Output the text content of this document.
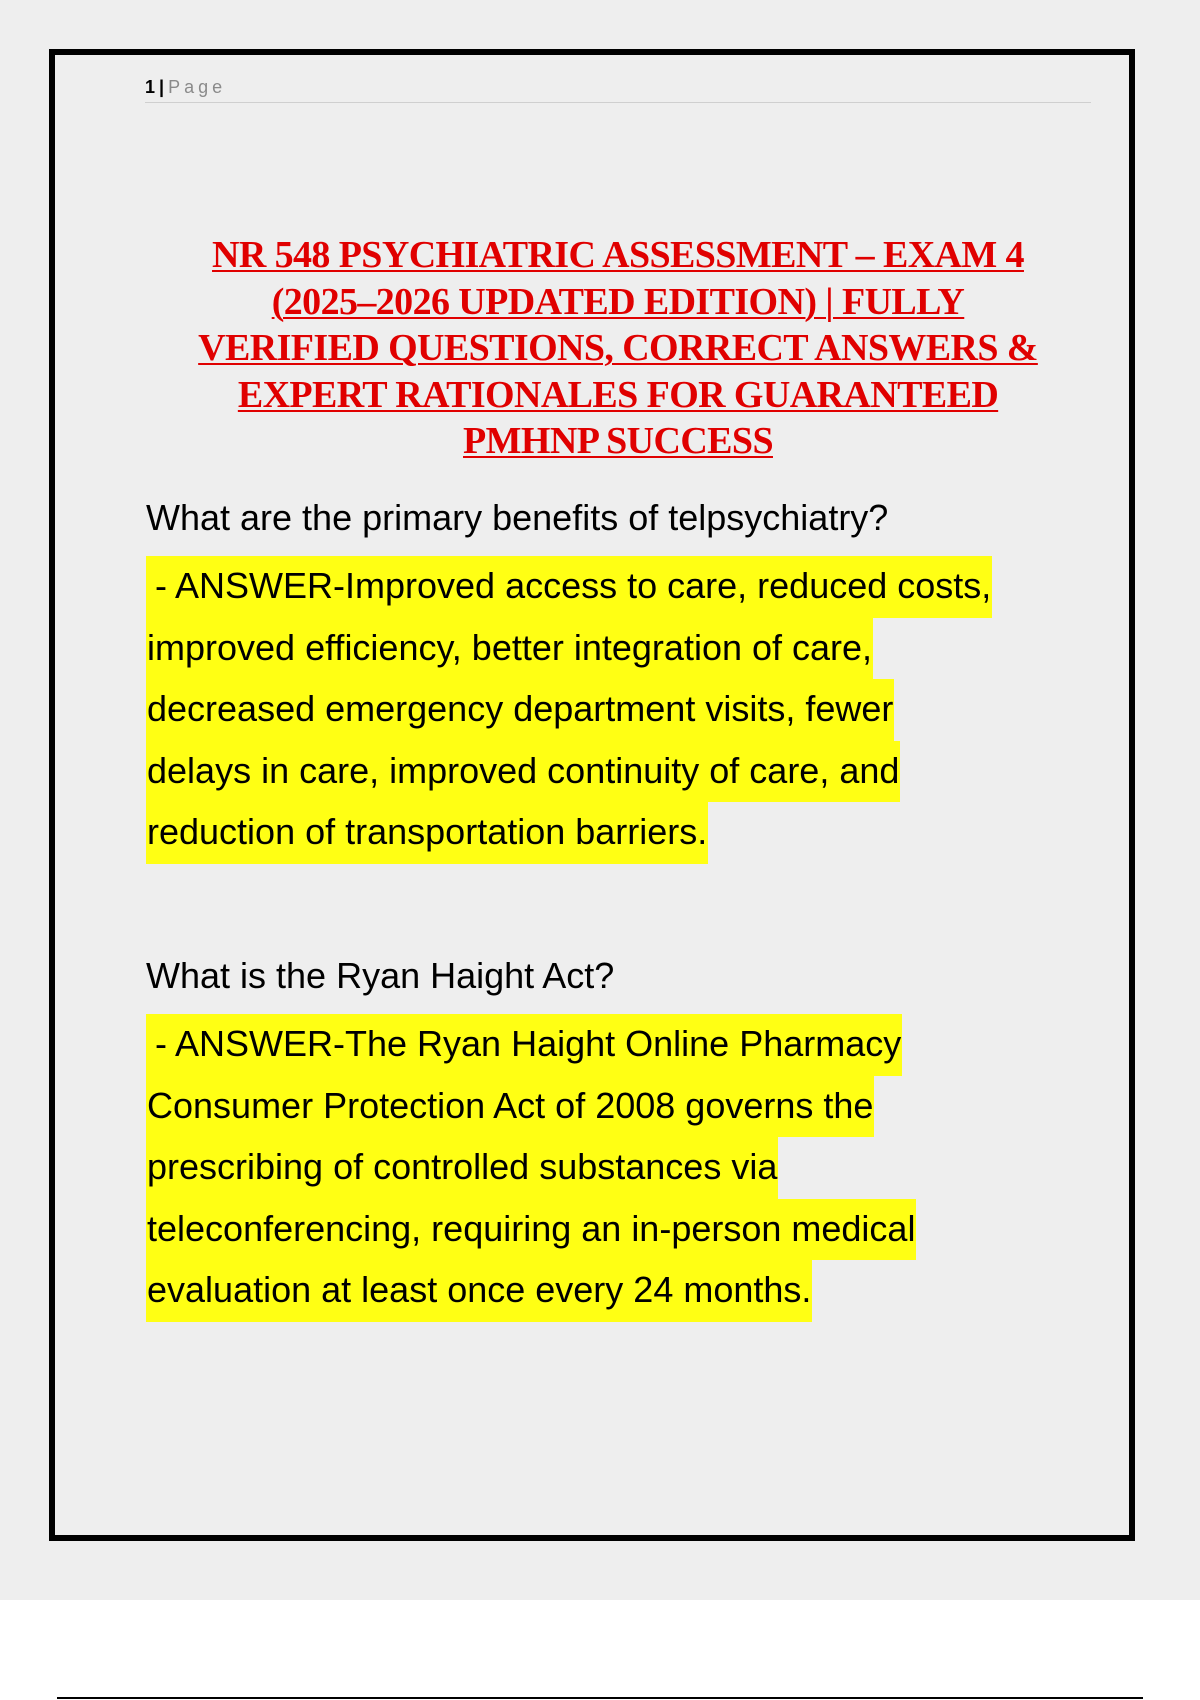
1 | Page
NR 548 PSYCHIATRIC ASSESSMENT – EXAM 4
(2025–2026 UPDATED EDITION) | FULLY
VERIFIED QUESTIONS, CORRECT ANSWERS &
EXPERT RATIONALES FOR GUARANTEED
PMHNP SUCCESS

What are the primary benefits of telpsychiatry?

- ANSWER-Improved access to care, reduced costs,
improved efficiency, better integration of care,
decreased emergency department visits, fewer
delays in care, improved continuity of care, and
reduction of transportation barriers.

What is the Ryan Haight Act?

- ANSWER-The Ryan Haight Online Pharmacy
Consumer Protection Act of 2008 governs the
prescribing of controlled substances via
teleconferencing, requiring an in-person medical
evaluation at least once every 24 months.
